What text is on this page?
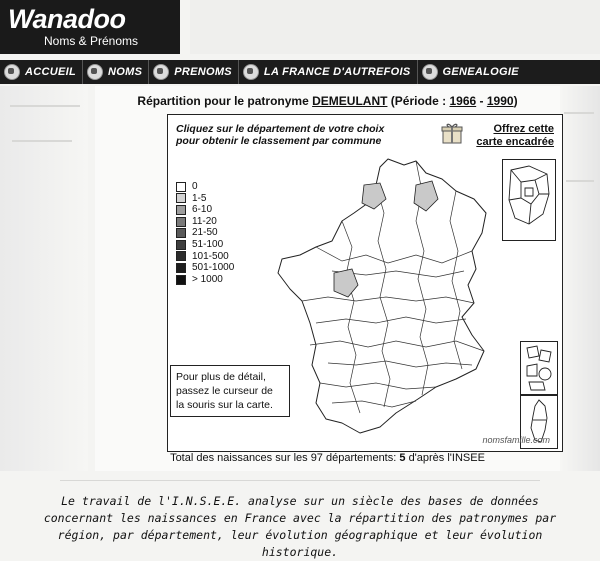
Wanadoo
Noms & Prénoms
ACCUEIL	NOMS	PRENOMS	LA FRANCE D'AUTREFOIS	GENEALOGIE
Répartition pour le patronyme DEMEULANT (Période : 1966 - 1990)
Cliquez sur le département de votre choix
pour obtenir le classement par commune
Offrez cette
carte encadrée
0
1-5
6-10
11-20
21-50
51-100
101-500
501-1000
> 1000
Pour plus de détail,
passez le curseur de
la souris sur la carte.
nomsfamille.com
Total des naissances sur les 97 départements: 5 d'après l'INSEE
Le travail de l'I.N.S.E.E. analyse sur un siècle des bases de données
concernant les naissances en France avec la répartition des patronymes par
région, par département, leur évolution géographique et leur évolution historique.
